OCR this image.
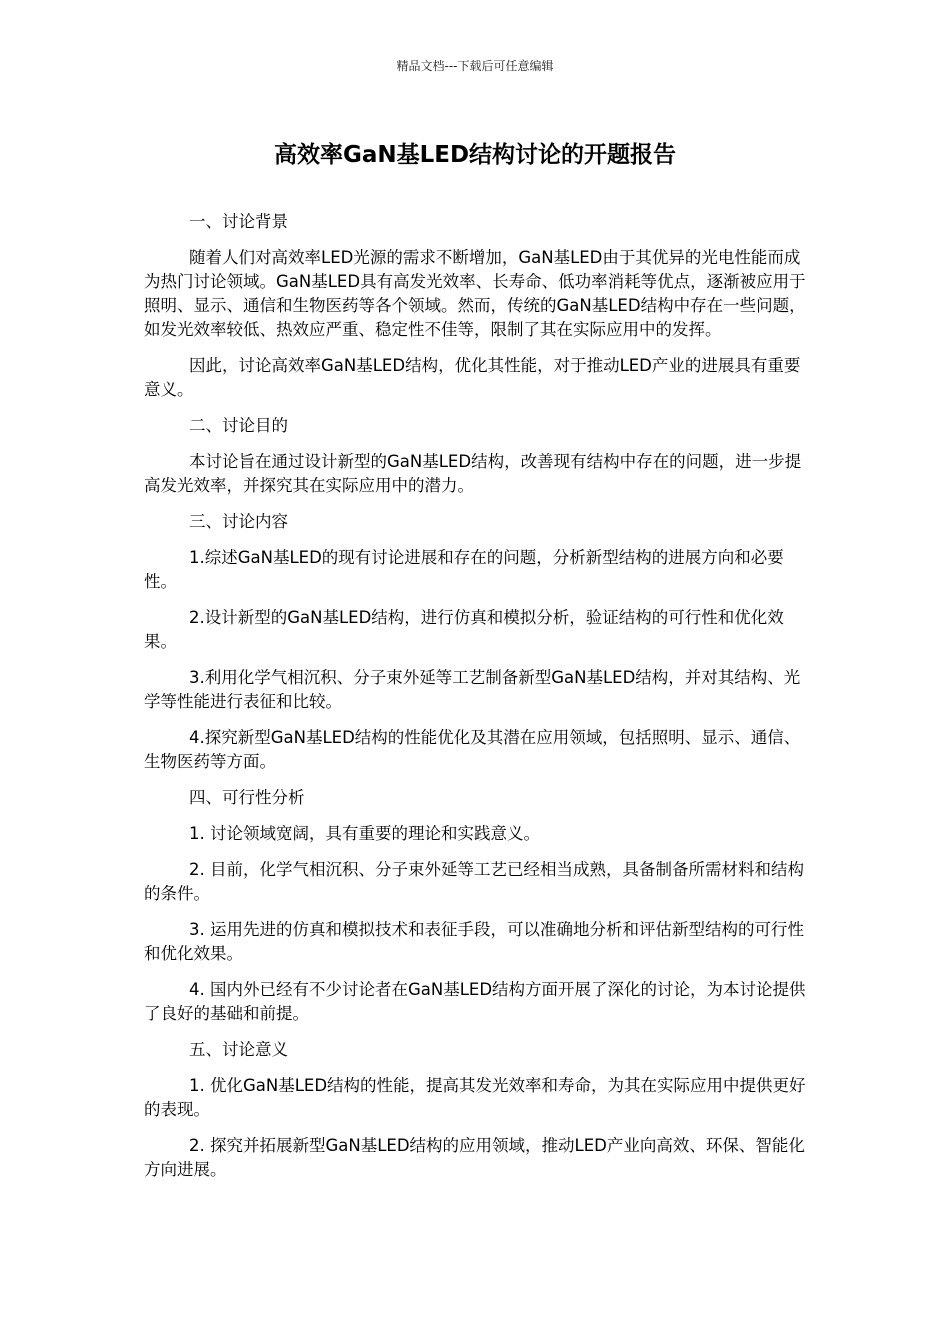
精品文档---下载后可任意编辑
高效率GaN基LED结构讨论的开题报告

一、讨论背景

随着人们对高效率LED光源的需求不断增加，GaN基LED由于其优异的光电性能而成为热门讨论领域。GaN基LED具有高发光效率、长寿命、低功率消耗等优点，逐渐被应用于照明、显示、通信和生物医药等各个领域。然而，传统的GaN基LED结构中存在一些问题，如发光效率较低、热效应严重、稳定性不佳等，限制了其在实际应用中的发挥。

因此，讨论高效率GaN基LED结构，优化其性能，对于推动LED产业的进展具有重要意义。

二、讨论目的

本讨论旨在通过设计新型的GaN基LED结构，改善现有结构中存在的问题，进一步提高发光效率，并探究其在实际应用中的潜力。

三、讨论内容

1.综述GaN基LED的现有讨论进展和存在的问题，分析新型结构的进展方向和必要性。

2.设计新型的GaN基LED结构，进行仿真和模拟分析，验证结构的可行性和优化效果。

3.利用化学气相沉积、分子束外延等工艺制备新型GaN基LED结构，并对其结构、光学等性能进行表征和比较。

4.探究新型GaN基LED结构的性能优化及其潜在应用领域，包括照明、显示、通信、生物医药等方面。

四、可行性分析

1. 讨论领域宽阔，具有重要的理论和实践意义。

2. 目前，化学气相沉积、分子束外延等工艺已经相当成熟，具备制备所需材料和结构的条件。

3. 运用先进的仿真和模拟技术和表征手段，可以准确地分析和评估新型结构的可行性和优化效果。

4. 国内外已经有不少讨论者在GaN基LED结构方面开展了深化的讨论，为本讨论提供了良好的基础和前提。

五、讨论意义

1. 优化GaN基LED结构的性能，提高其发光效率和寿命，为其在实际应用中提供更好的表现。

2. 探究并拓展新型GaN基LED结构的应用领域，推动LED产业向高效、环保、智能化方向进展。
